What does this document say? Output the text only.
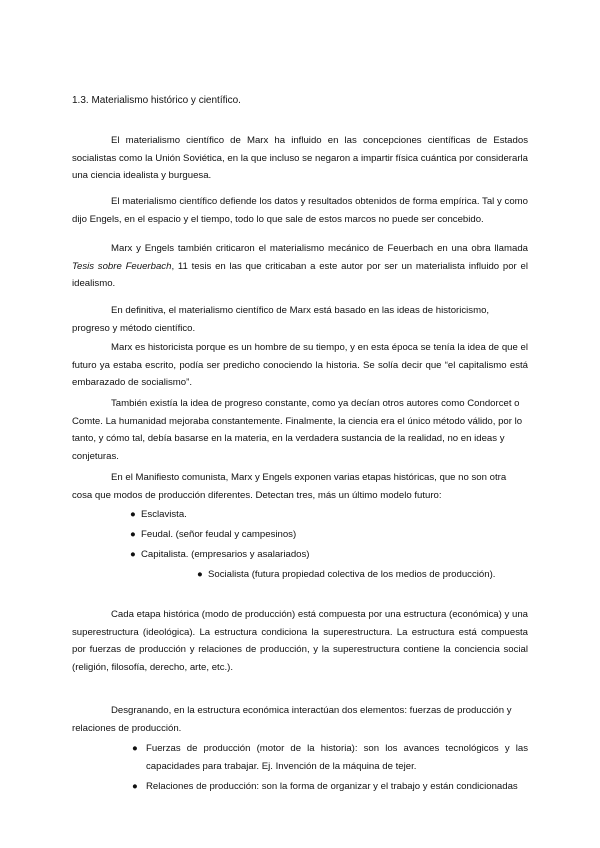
1.3. Materialismo histórico y científico.

El materialismo científico de Marx ha influido en las concepciones científicas de Estados socialistas como la Unión Soviética, en la que incluso se negaron a impartir física cuántica por considerarla una ciencia idealista y burguesa.

El materialismo científico defiende los datos y resultados obtenidos de forma empírica. Tal y como dijo Engels, en el espacio y el tiempo, todo lo que sale de estos marcos no puede ser concebido.

Marx y Engels también criticaron el materialismo mecánico de Feuerbach en una obra llamada Tesis sobre Feuerbach, 11 tesis en las que criticaban a este autor por ser un materialista influido por el idealismo.

En definitiva, el materialismo científico de Marx está basado en las ideas de historicismo, progreso y método científico.

Marx es historicista porque es un hombre de su tiempo, y en esta época se tenía la idea de que el futuro ya estaba escrito, podía ser predicho conociendo la historia. Se solía decir que “el capitalismo está embarazado de socialismo”.

También existía la idea de progreso constante, como ya decían otros autores como Condorcet o Comte. La humanidad mejoraba constantemente. Finalmente, la ciencia era el único método válido, por lo tanto, y cómo tal, debía basarse en la materia, en la verdadera sustancia de la realidad, no en ideas y conjeturas.

En el Manifiesto comunista, Marx y Engels exponen varias etapas históricas, que no son otra cosa que modos de producción diferentes. Detectan tres, más un último modelo futuro:

● Esclavista.

● Feudal. (señor feudal y campesinos)

● Capitalista. (empresarios y asalariados)

● Socialista (futura propiedad colectiva de los medios de producción).

Cada etapa histórica (modo de producción) está compuesta por una estructura (económica) y una superestructura (ideológica). La estructura condiciona la superestructura. La estructura está compuesta por fuerzas de producción y relaciones de producción, y la superestructura contiene la conciencia social (religión, filosofía, derecho, arte, etc.).

Desgranando, en la estructura económica interactúan dos elementos: fuerzas de producción y relaciones de producción.

● Fuerzas de producción (motor de la historia): son los avances tecnológicos y las capacidades para trabajar. Ej. Invención de la máquina de tejer.

● Relaciones de producción: son la forma de organizar y el trabajo y están condicionadas
